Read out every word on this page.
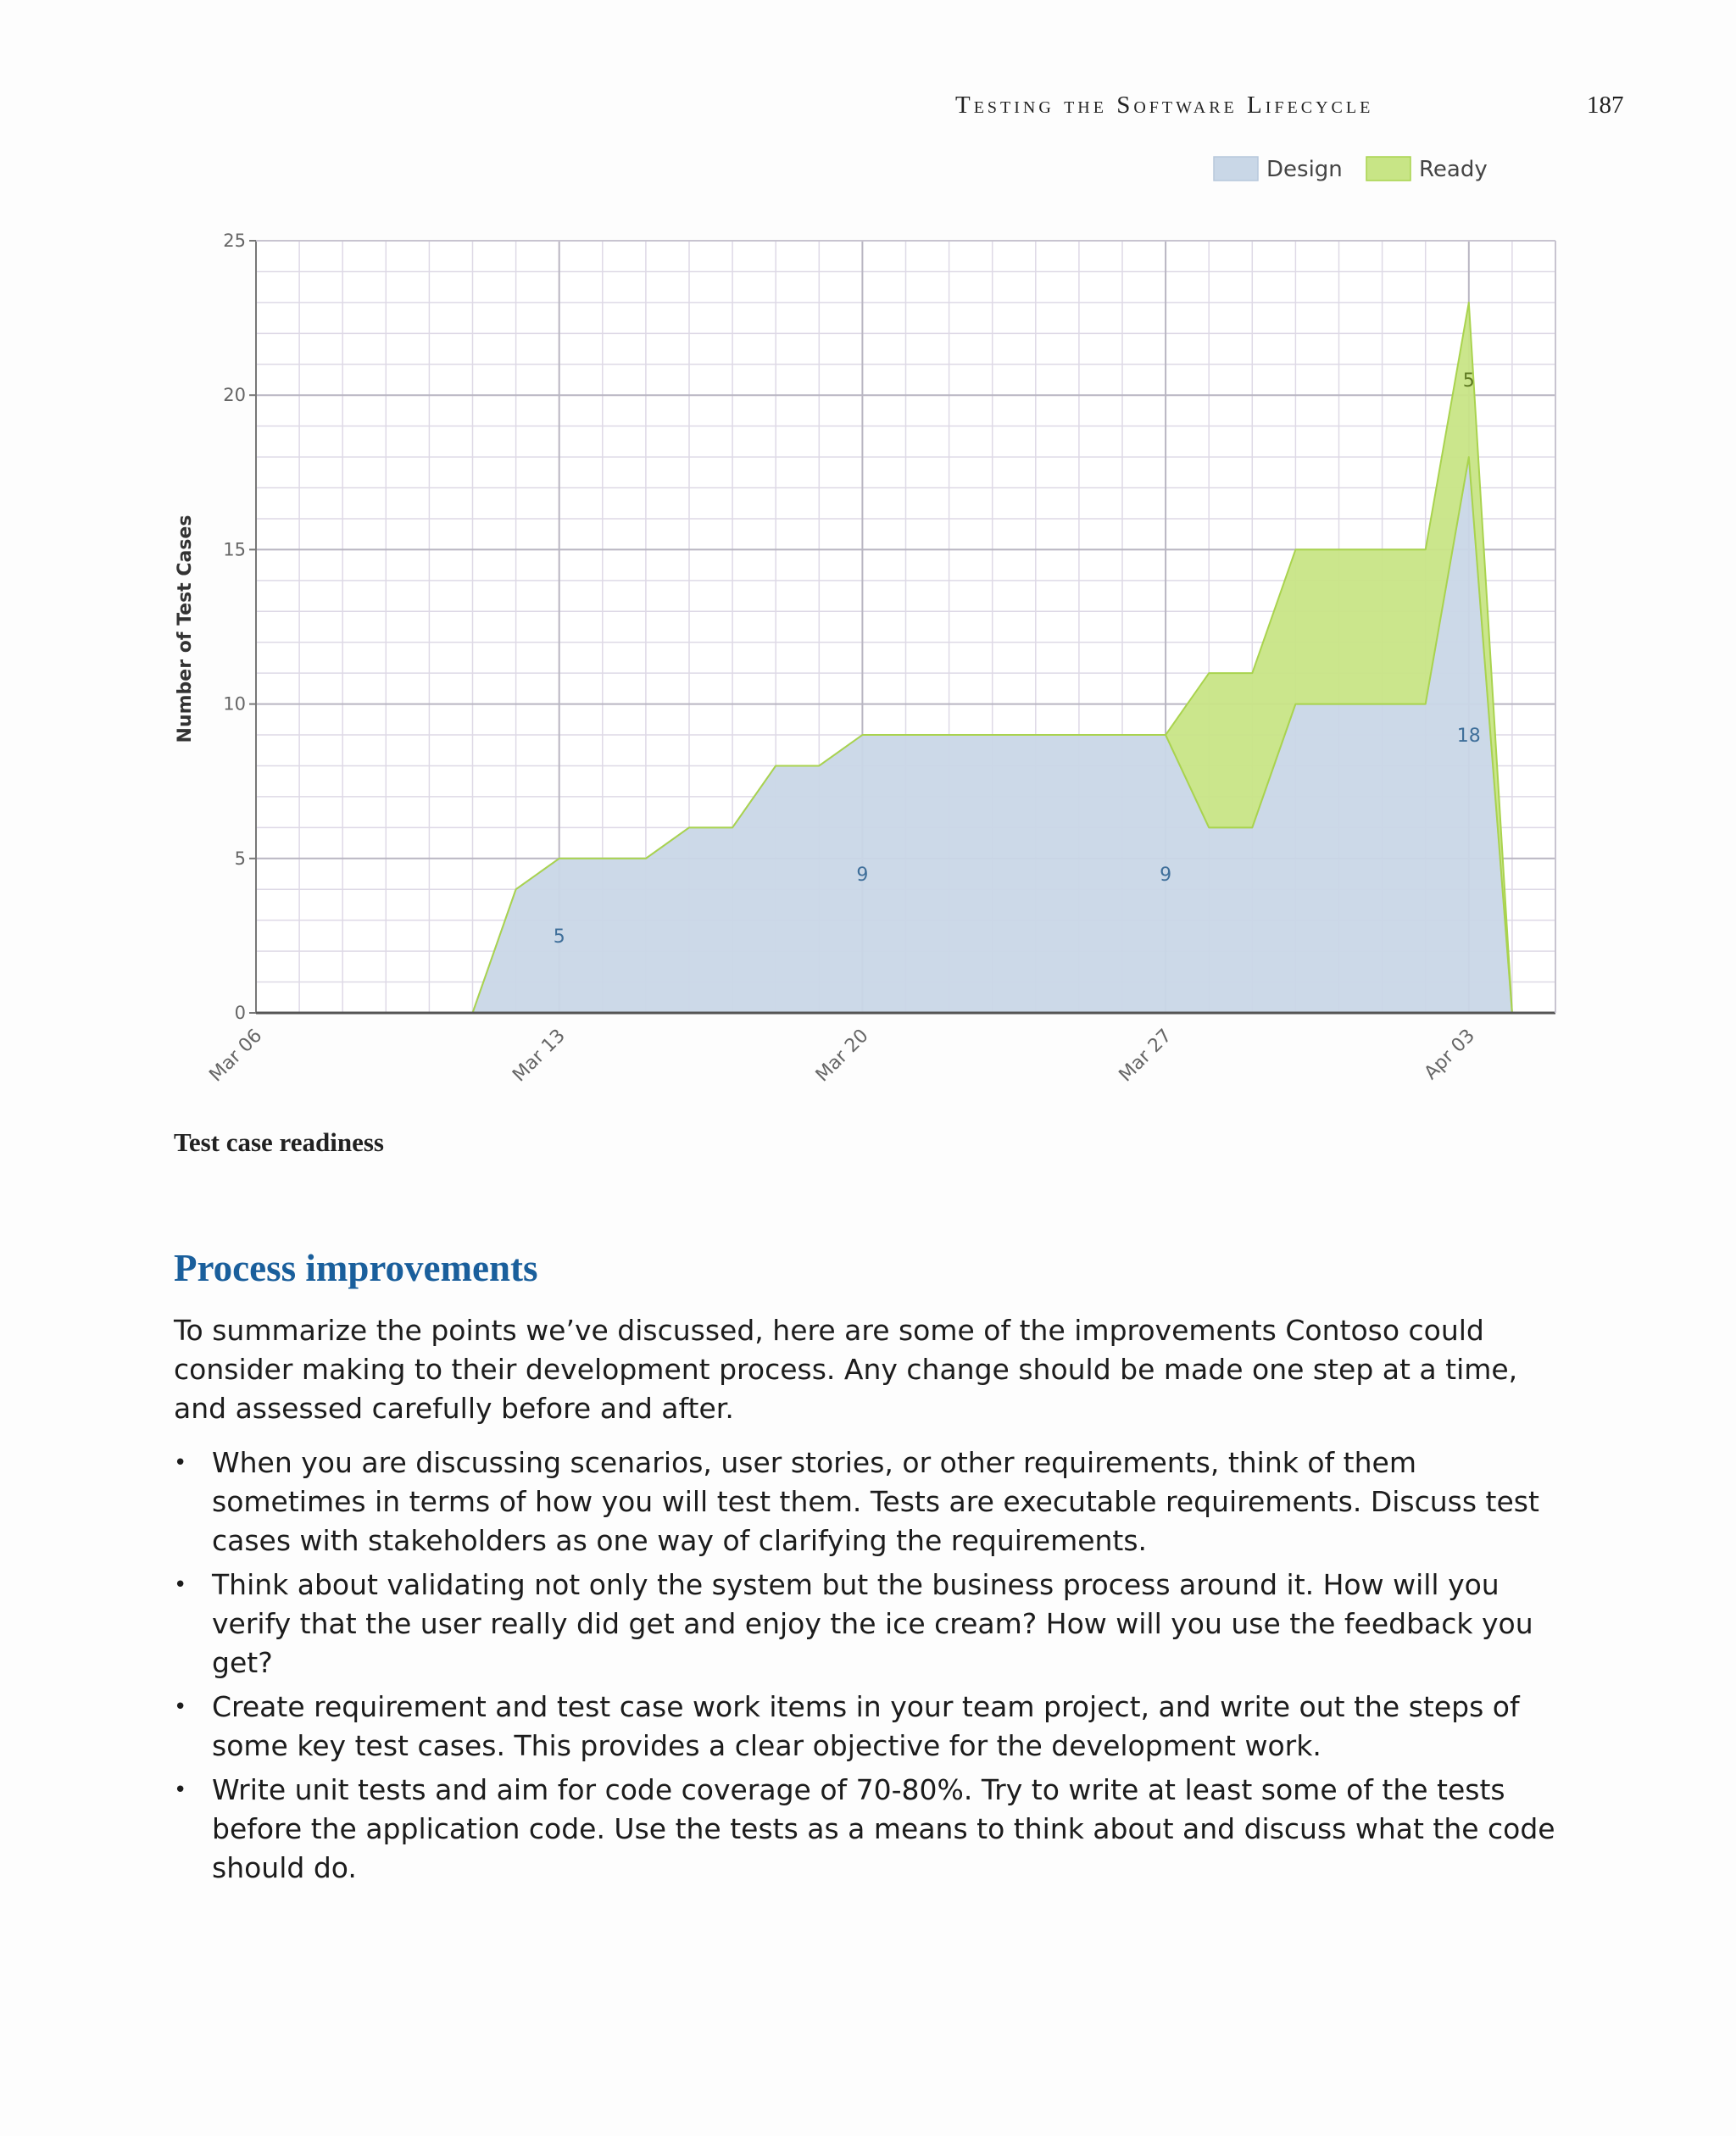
Testing the Software Lifecycle	187
0
5
10
15
20
25
Mar 06	Mar 13	Mar 20	Mar 27	Apr 03
5
9	9
18
5
Number of Test Cases
Design	Ready
Test case readiness
Process improvements

To summarize the points we’ve discussed, here are some of the improvements Contoso could consider making to their development process. Any change should be made one step at a time, and assessed carefully before and after.

• When you are discussing scenarios, user stories, or other requirements, think of them sometimes in terms of how you will test them. Tests are executable requirements. Discuss test cases with stakeholders as one way of clarifying the requirements.
• Think about validating not only the system but the business process around it. How will you verify that the user really did get and enjoy the ice cream? How will you use the feedback you get?
• Create requirement and test case work items in your team project, and write out the steps of some key test cases. This provides a clear objective for the development work.
• Write unit tests and aim for code coverage of 70-80%. Try to write at least some of the tests before the application code. Use the tests as a means to think about and discuss what the code should do.
